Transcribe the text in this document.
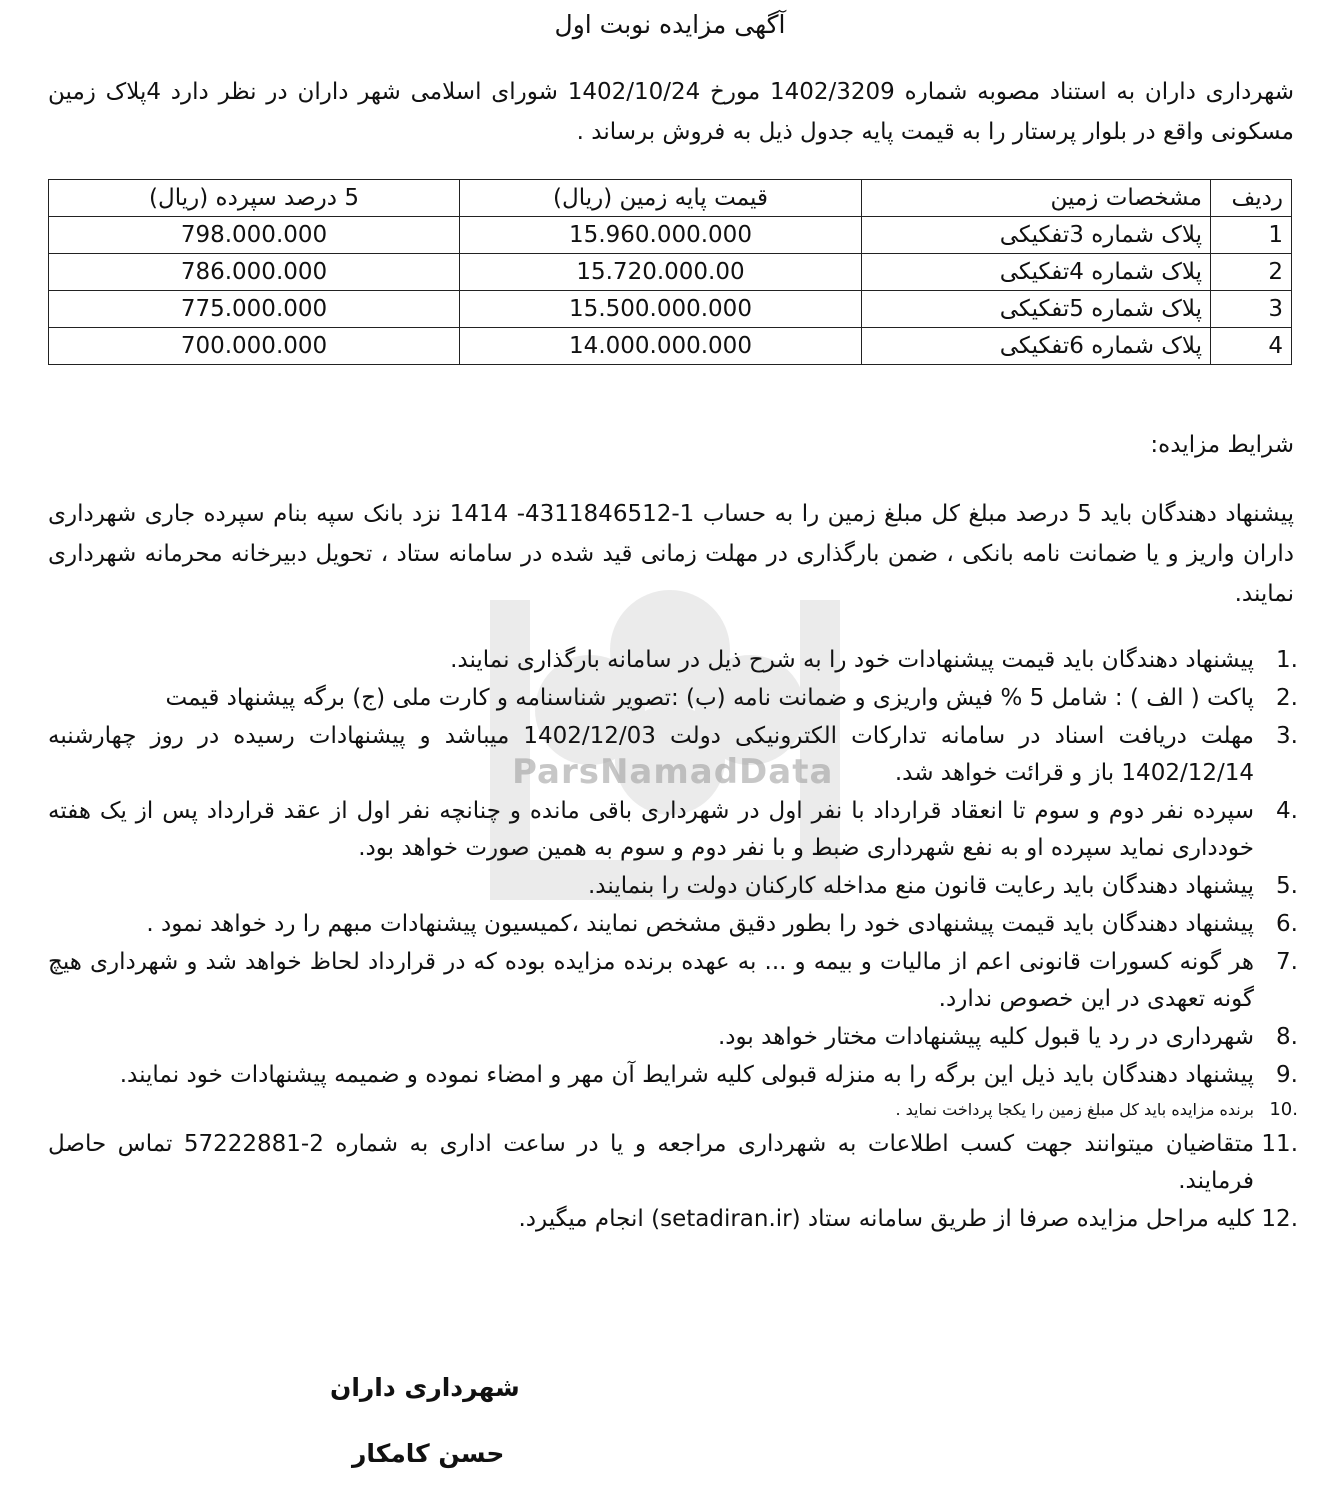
ParsNamadData
آگهی مزایده نوبت اول
شهرداری داران به استناد مصوبه شماره 1402/3209 مورخ 1402/10/24 شورای اسلامی شهر داران در نظر دارد 4پلاک زمین مسکونی واقع در بلوار پرستار را به قیمت پایه جدول ذیل به فروش برساند .
ردیف	مشخصات زمین	قیمت پایه زمین (ریال)	5 درصد سپرده (ریال)
1	پلاک شماره 3تفکیکی	15.960.000.000	798.000.000
2	پلاک شماره 4تفکیکی	15.720.000.00	786.000.000
3	پلاک شماره 5تفکیکی	15.500.000.000	775.000.000
4	پلاک شماره 6تفکیکی	14.000.000.000	700.000.000
شرایط مزایده:
پیشنهاد دهندگان باید 5 درصد مبلغ کل مبلغ زمین را به حساب 1-4311846512- 1414 نزد بانک سپه بنام سپرده جاری شهرداری داران واریز و یا ضمانت نامه بانکی ، ضمن بارگذاری در مهلت زمانی قید شده در سامانه ستاد ، تحویل دبیرخانه محرمانه شهرداری نمایند.
1.
پیشنهاد دهندگان باید قیمت پیشنهادات خود را به شرح ذیل در سامانه بارگذاری نمایند.
2.
پاکت ( الف ) : شامل 5 % فیش واریزی و ضمانت نامه (ب) :تصویر شناسنامه و کارت ملی (ج) برگه پیشنهاد قیمت
3.
مهلت دریافت اسناد در سامانه تدارکات الکترونیکی دولت 1402/12/03 میباشد و پیشنهادات رسیده در روز چهارشنبه 1402/12/14 باز و قرائت خواهد شد.
4.
سپرده نفر دوم و سوم تا انعقاد قرارداد با نفر اول در شهرداری باقی مانده و چنانچه نفر اول از عقد قرارداد پس از یک هفته خودداری نماید سپرده او به نفع شهرداری ضبط و با نفر دوم و سوم به همین صورت خواهد بود.
5.
پیشنهاد دهندگان باید رعایت قانون منع مداخله کارکنان دولت را بنمایند.
6.
پیشنهاد دهندگان باید قیمت پیشنهادی خود را بطور دقیق مشخص نمایند ،کمیسیون پیشنهادات مبهم را رد خواهد نمود .
7.
هر گونه کسورات قانونی اعم از مالیات و بیمه و ... به عهده برنده مزایده بوده که در قرارداد لحاظ خواهد شد و شهرداری هیچ گونه تعهدی در این خصوص ندارد.
8.
شهرداری در رد یا قبول کلیه پیشنهادات مختار خواهد بود.
9.
پیشنهاد دهندگان باید ذیل این برگه را به منزله قبولی کلیه شرایط آن مهر و امضاء نموده و ضمیمه پیشنهادات خود نمایند.
10.
برنده مزایده باید کل مبلغ زمین را یکجا پرداخت نماید .
11.
متقاضیان میتوانند جهت کسب اطلاعات به شهرداری مراجعه و یا در ساعت اداری به شماره 2-57222881 تماس حاصل فرمایند.
12.
کلیه مراحل مزایده صرفا از طریق سامانه ستاد (setadiran.ir) انجام میگیرد.
شهرداری داران
حسن کامکار
